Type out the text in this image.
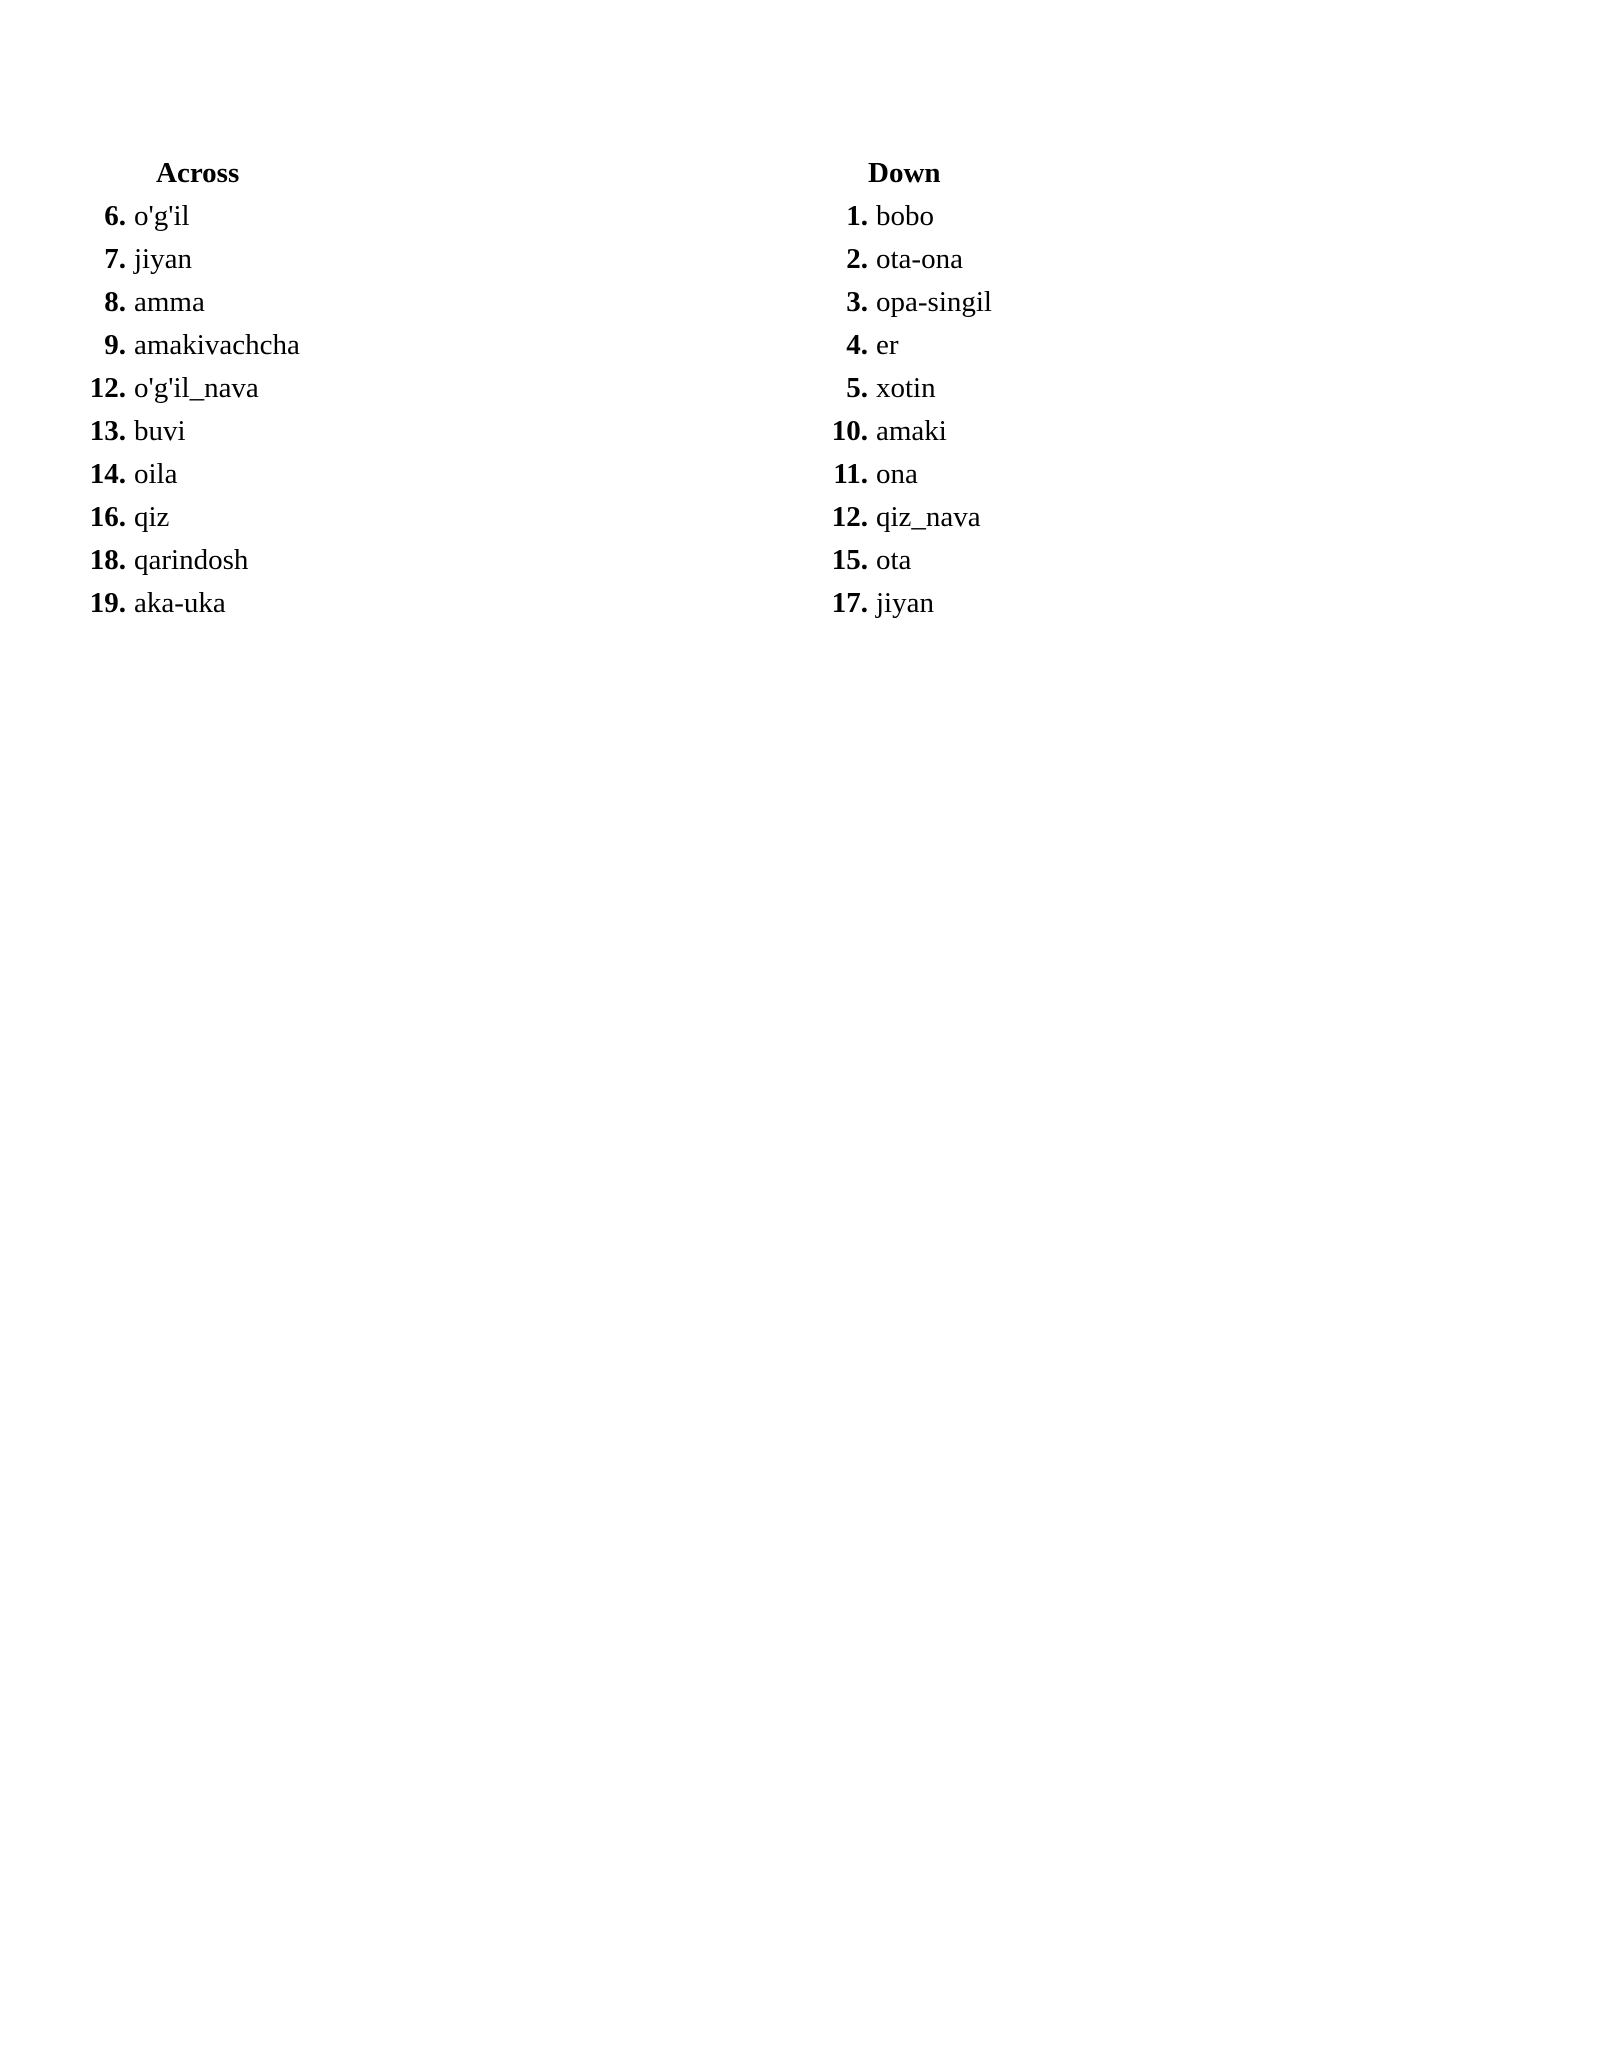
Across
6 . o'g'il
7 . jiyan
8 . amma
9 . amakivachcha
12 . o'g'il_nava
13 . buvi
14 . oila
16 . qiz
18 . qarindosh
19 . aka-uka
Down
1 . bobo
2 . ota-ona
3 . opa-singil
4 . er
5 . xotin
10 . amaki
11 . ona
12 . qiz_nava
15 . ota
17 . jiyan
